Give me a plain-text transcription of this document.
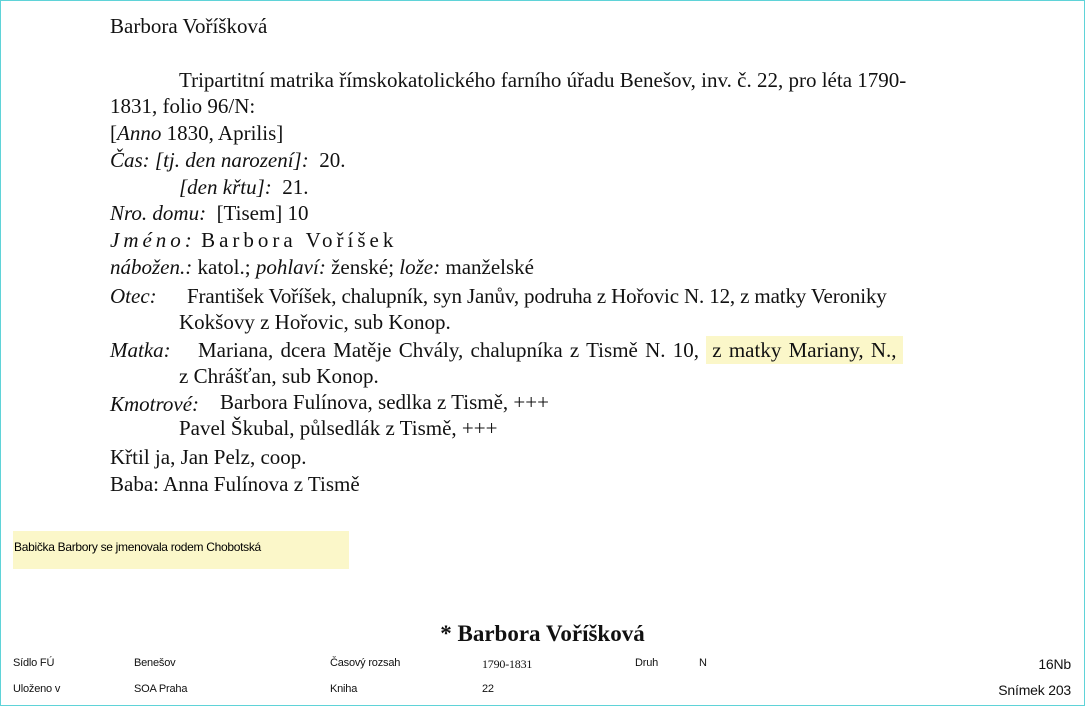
Barbora Voříšková
Tripartitní matrika římskokatolického farního úřadu Benešov, inv. č. 22, pro léta 1790-
1831, folio 96/N:
[Anno 1830, Aprilis]
Čas: [tj. den narození]: 20.
[den křtu]: 21.
Nro. domu: [Tisem] 10
Jméno: Barbora Voříšek
nábožen.: katol.; pohlaví: ženské; lože: manželské
Otec: František Voříšek, chalupník, syn Janův, podruha z Hořovic N. 12, z matky Veroniky
Kokšovy z Hořovic, sub Konop.
Matka: Mariana, dcera Matěje Chvály, chalupníka z Tismě N. 10, z matky Mariany, N.,
z Chrášťan, sub Konop.
Kmotrové: Barbora Fulínova, sedlka z Tismě, +++
Pavel Škubal, půlsedlák z Tismě, +++
Křtil ja, Jan Pelz, coop.
Baba: Anna Fulínova z Tismě
Babička Barbory se jmenovala rodem Chobotská
* Barbora Voříšková
Sídlo FÚ	Benešov	Časový rozsah	1790-1831	Druh	N	16Nb
Uloženo v	SOA Praha	Kniha	22	Snímek 203
